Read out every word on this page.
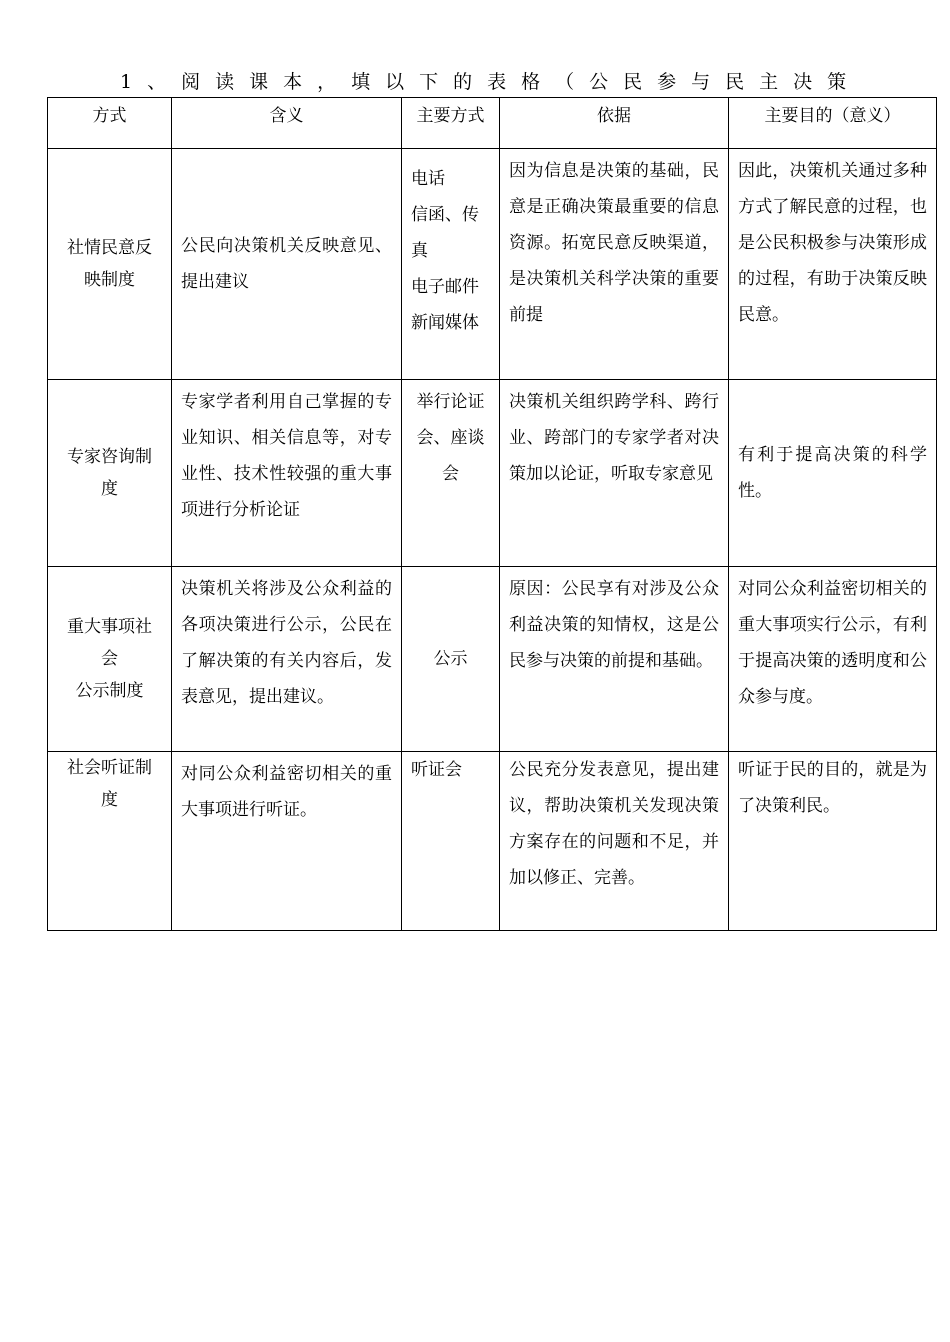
1、阅读课本，填以下的表格（公民参与民主决策
方式	含义	主要方式	依据	主要目的（意义）

社情民意反
映制度	公民向决策机关反映意见、提出建议	电话
信函、传真
电子邮件
新闻媒体	因为信息是决策的基础，民意是正确决策最重要的信息资源。拓宽民意反映渠道，是决策机关科学决策的重要前提	因此，决策机关通过多种方式了解民意的过程，也是公民积极参与决策形成的过程，有助于决策反映民意。

专家咨询制
度	专家学者利用自己掌握的专业知识、相关信息等，对专业性、技术性较强的重大事项进行分析论证	举行论证会、座谈会	决策机关组织跨学科、跨行业、跨部门的专家学者对决策加以论证，听取专家意见	有利于提高决策的科学性。

重大事项社
会
公示制度	决策机关将涉及公众利益的各项决策进行公示，公民在了解决策的有关内容后，发表意见，提出建议。	公示	原因：公民享有对涉及公众利益决策的知情权，这是公民参与决策的前提和基础。	对同公众利益密切相关的重大事项实行公示，有利于提高决策的透明度和公众参与度。

社会听证制
度	对同公众利益密切相关的重大事项进行听证。	听证会	公民充分发表意见，提出建议，帮助决策机关发现决策方案存在的问题和不足，并加以修正、完善。	听证于民的目的，就是为了决策利民。
